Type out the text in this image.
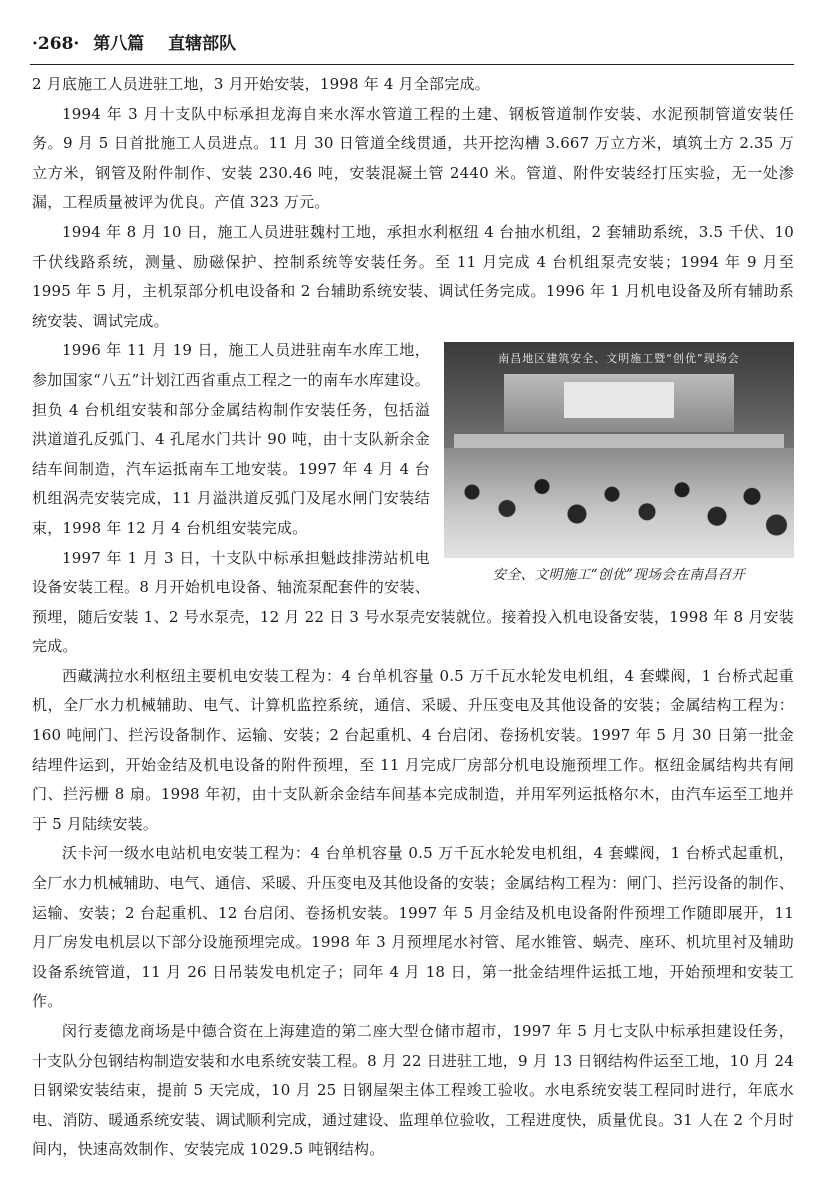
·268· 第八篇 直辖部队

2 月底施工人员进驻工地，3 月开始安装，1998 年 4 月全部完成。

1994 年 3 月十支队中标承担龙海自来水浑水管道工程的土建、钢板管道制作安装、水泥预制管道安装任务。9 月 5 日首批施工人员进点。11 月 30 日管道全线贯通，共开挖沟槽 3.667 万立方米，填筑土方 2.35 万立方米，钢管及附件制作、安装 230.46 吨，安装混凝土管 2440 米。管道、附件安装经打压实验，无一处渗漏，工程质量被评为优良。产值 323 万元。

1994 年 8 月 10 日，施工人员进驻魏村工地，承担水利枢纽 4 台抽水机组，2 套辅助系统，3.5 千伏、10 千伏线路系统，测量、励磁保护、控制系统等安装任务。至 11 月完成 4 台机组泵壳安装；1994 年 9 月至 1995 年 5 月，主机泵部分机电设备和 2 台辅助系统安装、调试任务完成。1996 年 1 月机电设备及所有辅助系统安装、调试完成。

南昌地区建筑安全、文明施工暨“创优”现场会
安全、文明施工“创优”现场会在南昌召开

1996 年 11 月 19 日，施工人员进驻南车水库工地，参加国家“八五”计划江西省重点工程之一的南车水库建设。担负 4 台机组安装和部分金属结构制作安装任务，包括溢洪道道孔反弧门、4 孔尾水门共计 90 吨，由十支队新余金结车间制造，汽车运抵南车工地安装。1997 年 4 月 4 台机组涡壳安装完成，11 月溢洪道反弧门及尾水闸门安装结束，1998 年 12 月 4 台机组安装完成。

1997 年 1 月 3 日，十支队中标承担魁歧排涝站机电设备安装工程。8 月开始机电设备、轴流泵配套件的安装、预埋，随后安装 1、2 号水泵壳，12 月 22 日 3 号水泵壳安装就位。接着投入机电设备安装，1998 年 8 月安装完成。

西藏满拉水利枢纽主要机电安装工程为：4 台单机容量 0.5 万千瓦水轮发电机组，4 套蝶阀，1 台桥式起重机，全厂水力机械辅助、电气、计算机监控系统，通信、采暖、升压变电及其他设备的安装；金属结构工程为：160 吨闸门、拦污设备制作、运输、安装；2 台起重机、4 台启闭、卷扬机安装。1997 年 5 月 30 日第一批金结埋件运到，开始金结及机电设备的附件预埋，至 11 月完成厂房部分机电设施预埋工作。枢纽金属结构共有闸门、拦污栅 8 扇。1998 年初，由十支队新余金结车间基本完成制造，并用军列运抵格尔木，由汽车运至工地并于 5 月陆续安装。

沃卡河一级水电站机电安装工程为：4 台单机容量 0.5 万千瓦水轮发电机组，4 套蝶阀，1 台桥式起重机，全厂水力机械辅助、电气、通信、采暖、升压变电及其他设备的安装；金属结构工程为：闸门、拦污设备的制作、运输、安装；2 台起重机、12 台启闭、卷扬机安装。1997 年 5 月金结及机电设备附件预埋工作随即展开，11 月厂房发电机层以下部分设施预埋完成。1998 年 3 月预埋尾水衬管、尾水锥管、蜗壳、座环、机坑里衬及辅助设备系统管道，11 月 26 日吊装发电机定子；同年 4 月 18 日，第一批金结埋件运抵工地，开始预埋和安装工作。

闵行麦德龙商场是中德合资在上海建造的第二座大型仓储市超市，1997 年 5 月七支队中标承担建设任务，十支队分包钢结构制造安装和水电系统安装工程。8 月 22 日进驻工地，9 月 13 日钢结构件运至工地，10 月 24 日钢梁安装结束，提前 5 天完成，10 月 25 日钢屋架主体工程竣工验收。水电系统安装工程同时进行，年底水电、消防、暖通系统安装、调试顺利完成，通过建设、监理单位验收，工程进度快，质量优良。31 人在 2 个月时间内，快速高效制作、安装完成 1029.5 吨钢结构。
